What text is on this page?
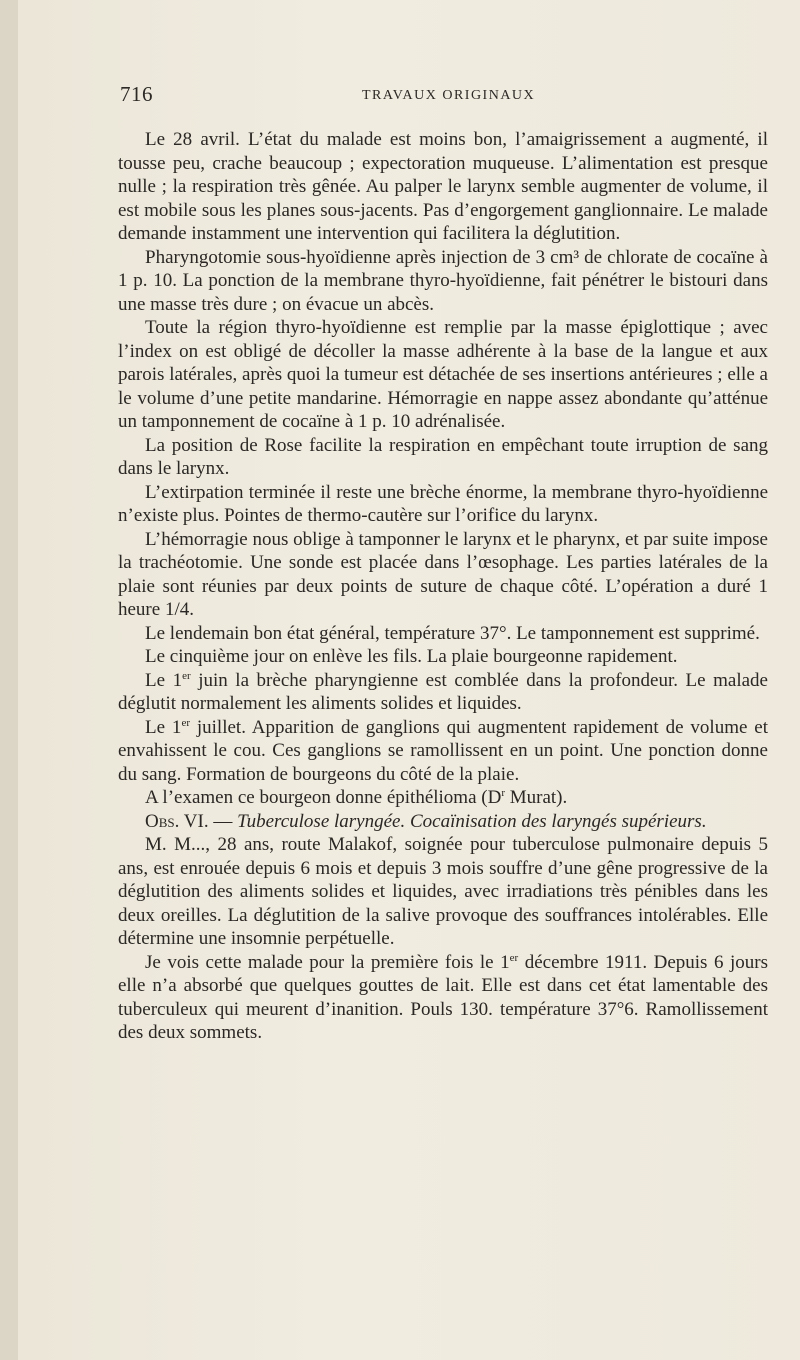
716	TRAVAUX ORIGINAUX

Le 28 avril. L’état du malade est moins bon, l’amaigrissement a augmenté, il tousse peu, crache beaucoup ; expectoration muqueuse. L’alimentation est presque nulle ; la respiration très gênée. Au palper le larynx semble augmenter de volume, il est mobile sous les planes sous-jacents. Pas d’engorgement ganglionnaire. Le malade demande instamment une intervention qui facilitera la déglutition.

Pharyngotomie sous-hyoïdienne après injection de 3 cm³ de chlorate de cocaïne à 1 p. 10. La ponction de la membrane thyro-hyoïdienne, fait pénétrer le bistouri dans une masse très dure ; on évacue un abcès.

Toute la région thyro-hyoïdienne est remplie par la masse épiglottique ; avec l’index on est obligé de décoller la masse adhérente à la base de la langue et aux parois latérales, après quoi la tumeur est détachée de ses insertions antérieures ; elle a le volume d’une petite mandarine. Hémorragie en nappe assez abondante qu’atténue un tamponnement de cocaïne à 1 p. 10 adrénalisée.

La position de Rose facilite la respiration en empêchant toute irruption de sang dans le larynx.

L’extirpation terminée il reste une brèche énorme, la membrane thyro-hyoïdienne n’existe plus. Pointes de thermo-cautère sur l’orifice du larynx.

L’hémorragie nous oblige à tamponner le larynx et le pharynx, et par suite impose la trachéotomie. Une sonde est placée dans l’œsophage. Les parties latérales de la plaie sont réunies par deux points de suture de chaque côté. L’opération a duré 1 heure 1/4.

Le lendemain bon état général, température 37°. Le tamponnement est supprimé.

Le cinquième jour on enlève les fils. La plaie bourgeonne rapidement.

Le 1er juin la brèche pharyngienne est comblée dans la profondeur. Le malade déglutit normalement les aliments solides et liquides.

Le 1er juillet. Apparition de ganglions qui augmentent rapidement de volume et envahissent le cou. Ces ganglions se ramollissent en un point. Une ponction donne du sang. Formation de bourgeons du côté de la plaie.

A l’examen ce bourgeon donne épithélioma ($D^r$ Murat).

Obs. VI. — Tuberculose laryngée. Cocaïnisation des laryngés supérieurs.

M. M..., 28 ans, route Malakof, soignée pour tuberculose pulmonaire depuis 5 ans, est enrouée depuis 6 mois et depuis 3 mois souffre d’une gêne progressive de la déglutition des aliments solides et liquides, avec irradiations très pénibles dans les deux oreilles. La déglutition de la salive provoque des souffrances intolérables. Elle détermine une insomnie perpétuelle.

Je vois cette malade pour la première fois le 1er décembre 1911. Depuis 6 jours elle n’a absorbé que quelques gouttes de lait. Elle est dans cet état lamentable des tuberculeux qui meurent d’inanition. Pouls 130. température 37°6. Ramollissement des deux sommets.
